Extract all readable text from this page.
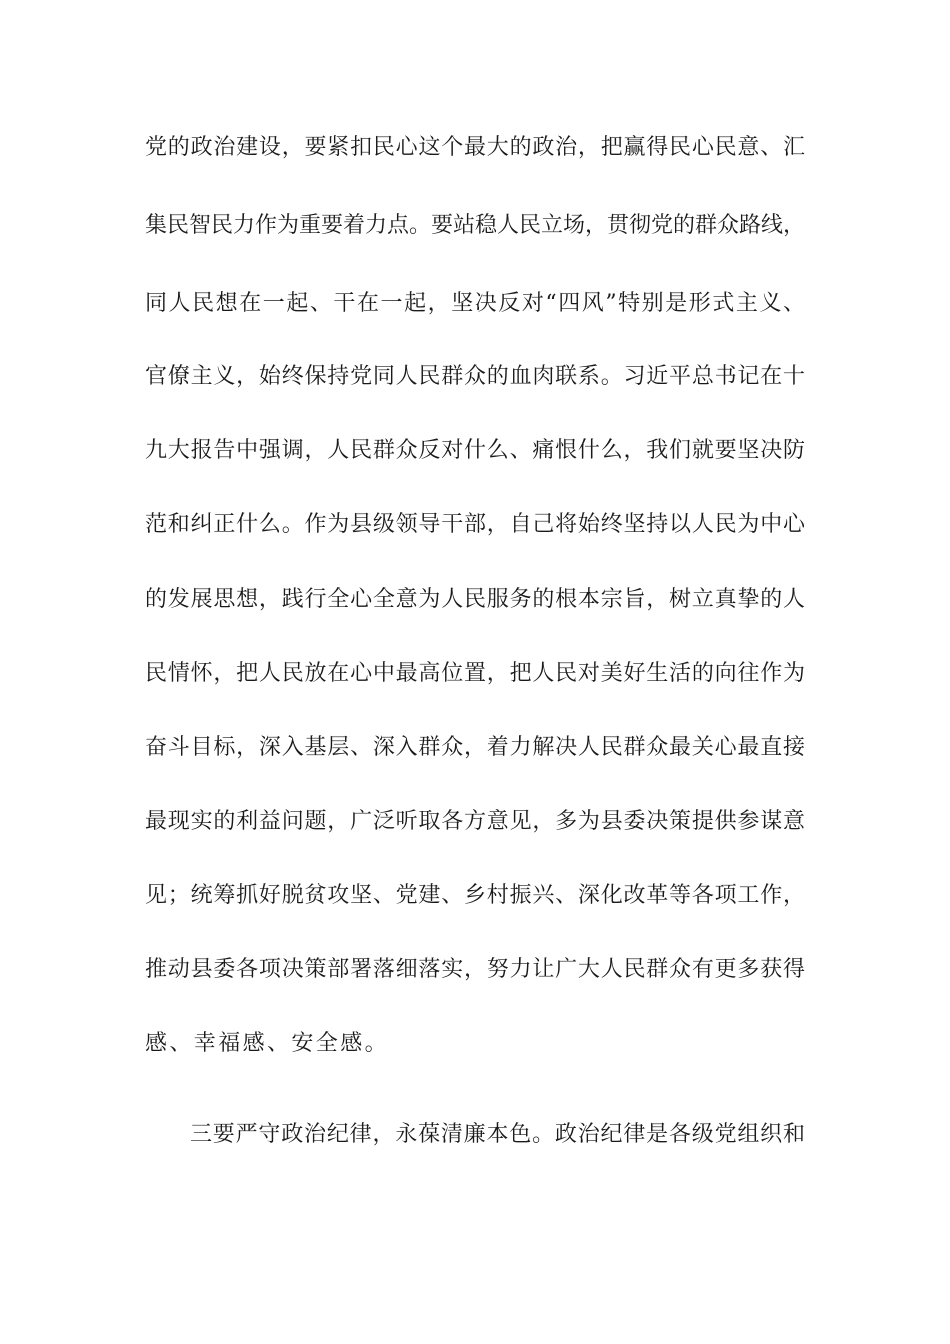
党的政治建设，要紧扣民心这个最大的政治，把赢得民心民意、汇
集民智民力作为重要着力点。要站稳人民立场，贯彻党的群众路线，
同人民想在一起、干在一起，坚决反对“四风”特别是形式主义、
官僚主义，始终保持党同人民群众的血肉联系。习近平总书记在十
九大报告中强调，人民群众反对什么、痛恨什么，我们就要坚决防
范和纠正什么。作为县级领导干部，自己将始终坚持以人民为中心
的发展思想，践行全心全意为人民服务的根本宗旨，树立真挚的人
民情怀，把人民放在心中最高位置，把人民对美好生活的向往作为
奋斗目标，深入基层、深入群众，着力解决人民群众最关心最直接
最现实的利益问题，广泛听取各方意见，多为县委决策提供参谋意
见；统筹抓好脱贫攻坚、党建、乡村振兴、深化改革等各项工作，
推动县委各项决策部署落细落实，努力让广大人民群众有更多获得
感、幸福感、安全感。
三要严守政治纪律，永葆清廉本色。政治纪律是各级党组织和
